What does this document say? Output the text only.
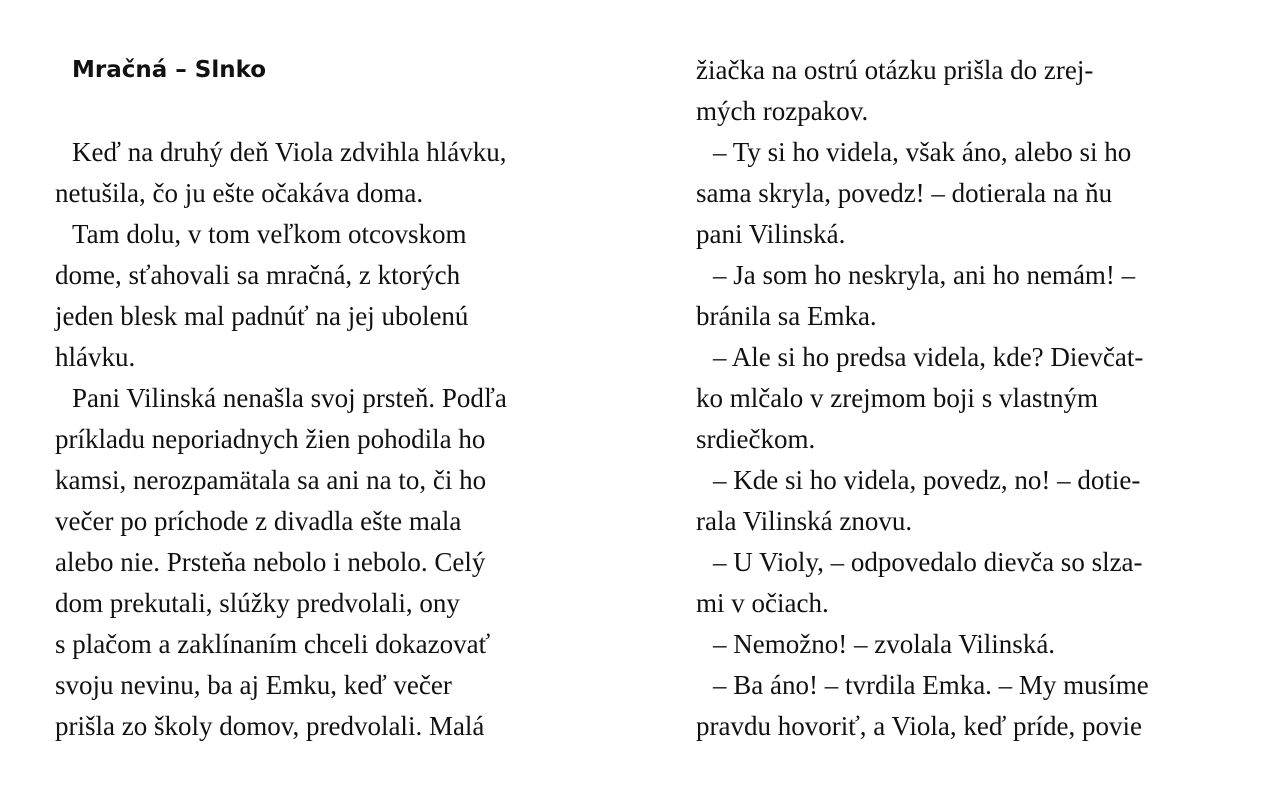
Mračná – Slnko
Keď na druhý deň Viola zdvihla hlávku,
netušila, čo ju ešte očakáva doma.
Tam dolu, v tom veľkom otcovskom
dome, sťahovali sa mračná, z ktorých
jeden blesk mal padnúť na jej ubolenú
hlávku.
Pani Vilinská nenašla svoj prsteň. Podľa
príkladu neporiadnych žien pohodila ho
kamsi, nerozpamätala sa ani na to, či ho
večer po príchode z divadla ešte mala
alebo nie. Prsteňa nebolo i nebolo. Celý
dom prekutali, slúžky predvolali, ony
s plačom a zaklínaním chceli dokazovať
svoju nevinu, ba aj Emku, keď večer
prišla zo školy domov, predvolali. Malá
žiačka na ostrú otázku prišla do zrej-
mých rozpakov.
– Ty si ho videla, však áno, alebo si ho
sama skryla, povedz! – dotierala na ňu
pani Vilinská.
– Ja som ho neskryla, ani ho nemám! –
bránila sa Emka.
– Ale si ho predsa videla, kde? Dievčat-
ko mlčalo v zrejmom boji s vlastným
srdiečkom.
– Kde si ho videla, povedz, no! – dotie-
rala Vilinská znovu.
– U Violy, – odpovedalo dievča so slza-
mi v očiach.
– Nemožno! – zvolala Vilinská.
– Ba áno! – tvrdila Emka. – My musíme
pravdu hovoriť, a Viola, keď príde, povie
